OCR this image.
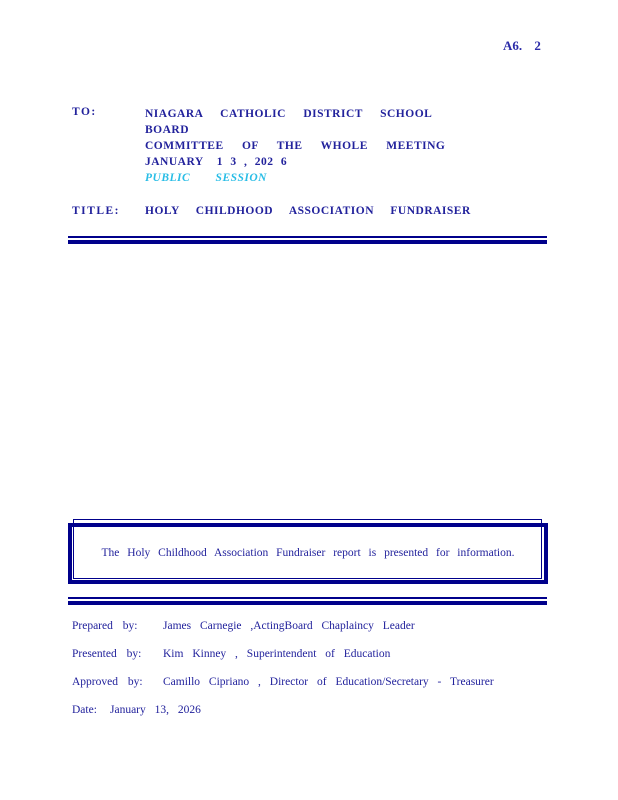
A6. 2
TO:	NIAGARA CATHOLIC DISTRICT SCHOOL BOARD
COMMITTEE OF THE WHOLE MEETING
JANUARY 1 3 , 202 6
PUBLIC SESSION
TITLE: HOLY CHILDHOOD ASSOCIATION FUNDRAISER
The Holy Childhood Association Fundraiser report is presented for information.
Prepared by: James Carnegie ,ActingBoard Chaplaincy Leader
Presented by: Kim Kinney , Superintendent of Education
Approved by: Camillo Cipriano , Director of Education/Secretary - Treasurer
Date: January 13, 2026
